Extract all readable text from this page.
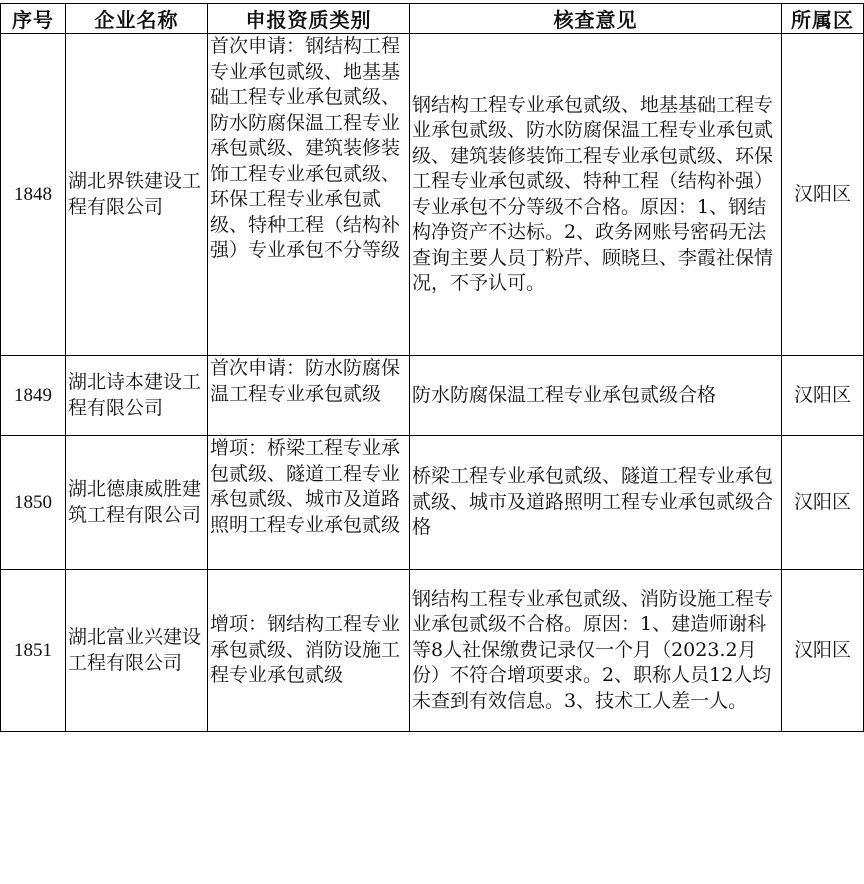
序号	企业名称	申报资质类别	核查意见	所属区
1848	湖北界铁建设工程有限公司	首次申请：钢结构工程专业承包贰级、地基基础工程专业承包贰级、防水防腐保温工程专业承包贰级、建筑装修装饰工程专业承包贰级、环保工程专业承包贰级、特种工程（结构补强）专业承包不分等级	钢结构工程专业承包贰级、地基基础工程专业承包贰级、防水防腐保温工程专业承包贰级、建筑装修装饰工程专业承包贰级、环保工程专业承包贰级、特种工程（结构补强）专业承包不分等级不合格。原因：1、钢结构净资产不达标。2、政务网账号密码无法查询主要人员丁粉芹、顾晓旦、李霞社保情况，不予认可。	汉阳区
1849	湖北诗本建设工程有限公司	首次申请：防水防腐保温工程专业承包贰级	防水防腐保温工程专业承包贰级合格	汉阳区
1850	湖北德康威胜建筑工程有限公司	增项：桥梁工程专业承包贰级、隧道工程专业承包贰级、城市及道路照明工程专业承包贰级	桥梁工程专业承包贰级、隧道工程专业承包贰级、城市及道路照明工程专业承包贰级合格	汉阳区
1851	湖北富业兴建设工程有限公司	增项：钢结构工程专业承包贰级、消防设施工程专业承包贰级	钢结构工程专业承包贰级、消防设施工程专业承包贰级不合格。原因：1、建造师谢科等8人社保缴费记录仅一个月（2023.2月份）不符合增项要求。2、职称人员12人均未查到有效信息。3、技术工人差一人。	汉阳区
